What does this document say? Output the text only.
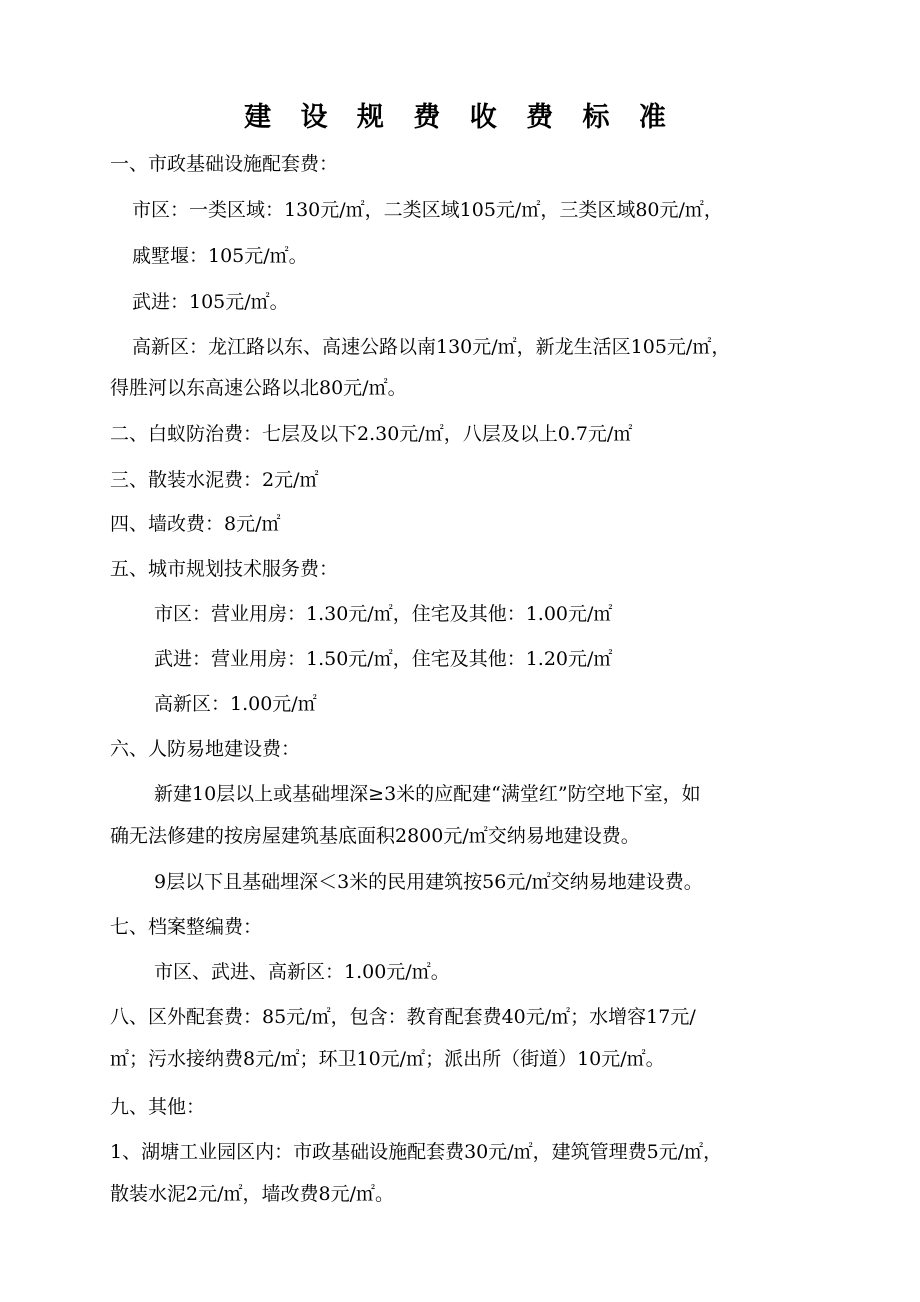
建 设 规 费 收 费 标 准
一、市政基础设施配套费：
市区：一类区域：130元/㎡，二类区域105元/㎡，三类区域80元/㎡，
戚墅堰：105元/㎡。
武进：105元/㎡。
高新区：龙江路以东、高速公路以南130元/㎡，新龙生活区105元/㎡，
得胜河以东高速公路以北80元/㎡。
二、白蚁防治费：七层及以下2.30元/㎡，八层及以上0.7元/㎡
三、散装水泥费：2元/㎡
四、墙改费：8元/㎡
五、城市规划技术服务费：
市区：营业用房：1.30元/㎡，住宅及其他：1.00元/㎡
武进：营业用房：1.50元/㎡，住宅及其他：1.20元/㎡
高新区：1.00元/㎡
六、人防易地建设费：
新建10层以上或基础埋深≥3米的应配建“满堂红”防空地下室，如
确无法修建的按房屋建筑基底面积2800元/㎡交纳易地建设费。
9层以下且基础埋深＜3米的民用建筑按56元/㎡交纳易地建设费。
七、档案整编费：
市区、武进、高新区：1.00元/㎡。
八、区外配套费：85元/㎡，包含：教育配套费40元/㎡；水增容17元/
㎡；污水接纳费8元/㎡；环卫10元/㎡；派出所（街道）10元/㎡。
九、其他：
1、湖塘工业园区内：市政基础设施配套费30元/㎡，建筑管理费5元/㎡，
散装水泥2元/㎡，墙改费8元/㎡。
